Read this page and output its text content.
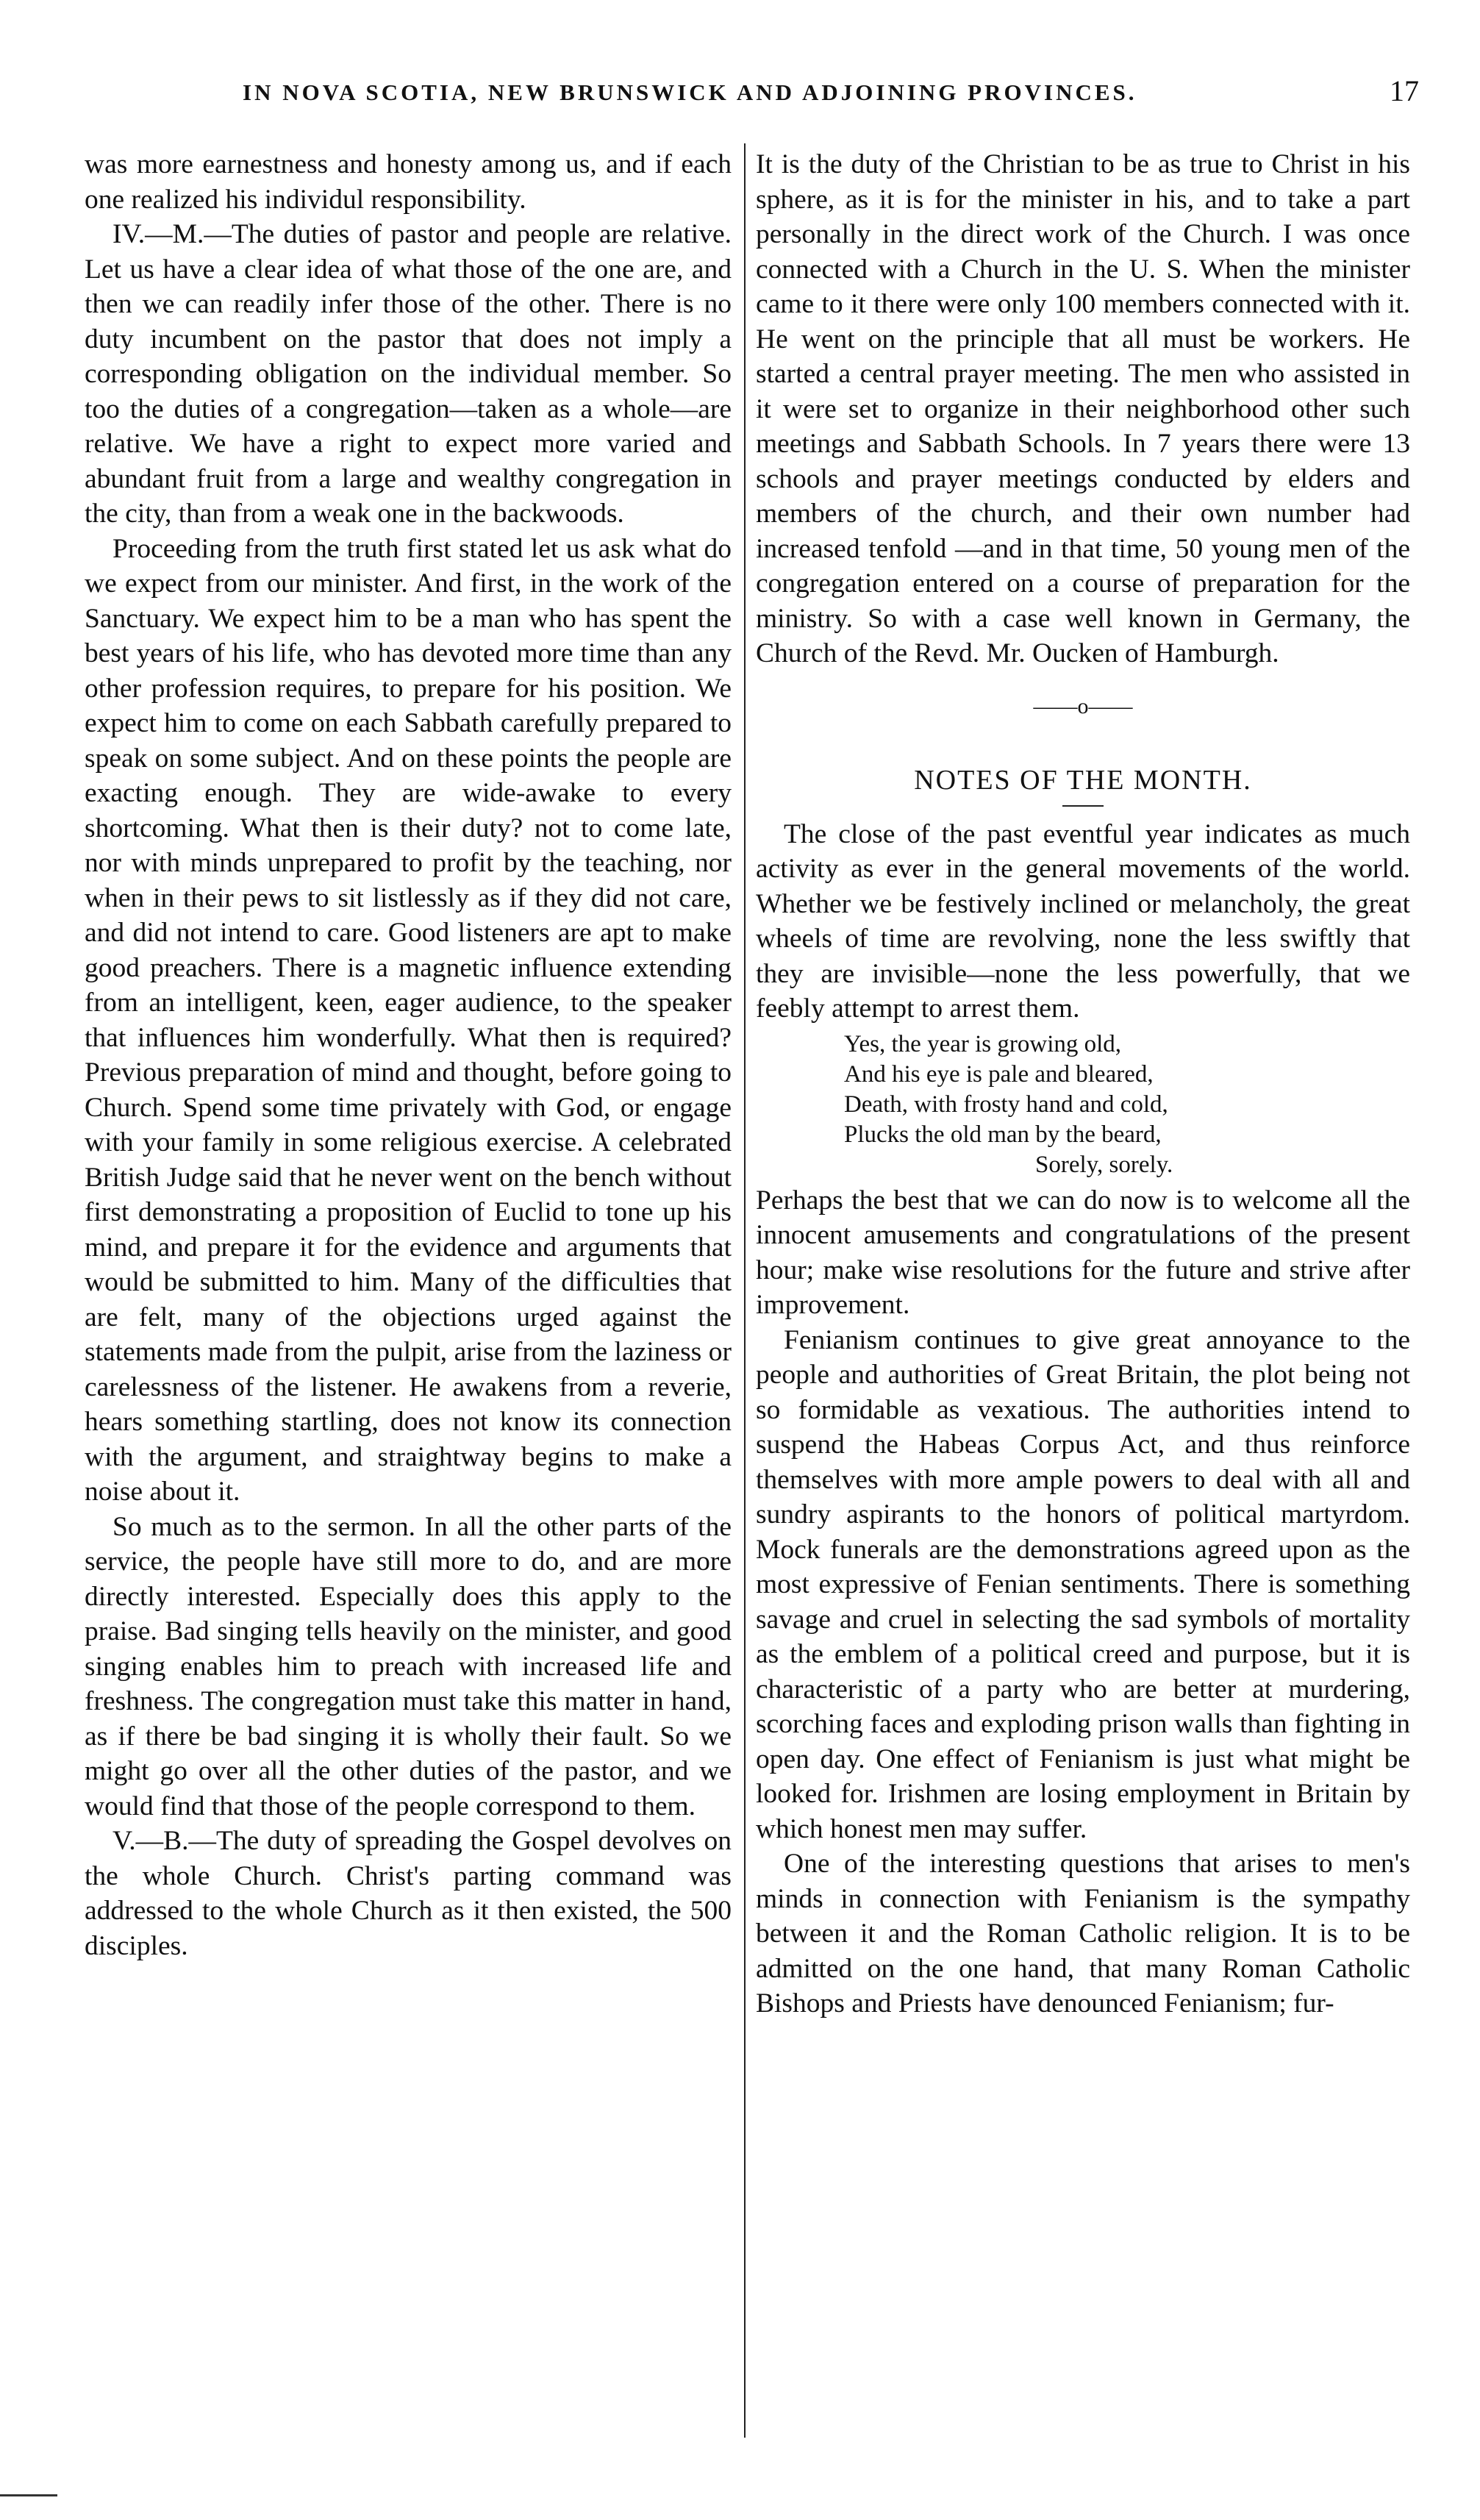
IN NOVA SCOTIA, NEW BRUNSWICK AND ADJOINING PROVINCES.	17

was more earnestness and honesty among us, and if each one realized his individul responsibility.

IV.—M.—The duties of pastor and people are relative. Let us have a clear idea of what those of the one are, and then we can readily infer those of the other. There is no duty incumbent on the pastor that does not imply a corresponding obligation on the individual member. So too the duties of a congregation—taken as a whole—are relative. We have a right to expect more varied and abundant fruit from a large and wealthy congregation in the city, than from a weak one in the backwoods.

Proceeding from the truth first stated let us ask what do we expect from our minister. And first, in the work of the Sanctuary. We expect him to be a man who has spent the best years of his life, who has devoted more time than any other profession requires, to prepare for his position. We expect him to come on each Sabbath carefully prepared to speak on some subject. And on these points the people are exacting enough. They are wide-awake to every shortcoming. What then is their duty? not to come late, nor with minds unprepared to profit by the teaching, nor when in their pews to sit listlessly as if they did not care, and did not intend to care. Good listeners are apt to make good preachers. There is a magnetic influence extending from an intelligent, keen, eager audience, to the speaker that influences him wonderfully. What then is required? Previous preparation of mind and thought, before going to Church. Spend some time privately with God, or engage with your family in some religious exercise. A celebrated British Judge said that he never went on the bench without first demonstrating a proposition of Euclid to tone up his mind, and prepare it for the evidence and arguments that would be submitted to him. Many of the difficulties that are felt, many of the objections urged against the statements made from the pulpit, arise from the laziness or carelessness of the listener. He awakens from a reverie, hears something startling, does not know its connection with the argument, and straightway begins to make a noise about it.

So much as to the sermon. In all the other parts of the service, the people have still more to do, and are more directly interested. Especially does this apply to the praise. Bad singing tells heavily on the minister, and good singing enables him to preach with increased life and freshness. The congregation must take this matter in hand, as if there be bad singing it is wholly their fault. So we might go over all the other duties of the pastor, and we would find that those of the people correspond to them.

V.—B.—The duty of spreading the Gospel devolves on the whole Church. Christ's parting command was addressed to the whole Church as it then existed, the 500 disciples.

It is the duty of the Christian to be as true to Christ in his sphere, as it is for the minister in his, and to take a part personally in the direct work of the Church. I was once connected with a Church in the U. S. When the minister came to it there were only 100 members connected with it. He went on the principle that all must be workers. He started a central prayer meeting. The men who assisted in it were set to organize in their neighborhood other such meetings and Sabbath Schools. In 7 years there were 13 schools and prayer meetings conducted by elders and members of the church, and their own number had increased tenfold —and in that time, 50 young men of the congregation entered on a course of preparation for the ministry. So with a case well known in Germany, the Church of the Revd. Mr. Oucken of Hamburgh.

——o——
NOTES OF THE MONTH.

The close of the past eventful year indicates as much activity as ever in the general movements of the world. Whether we be festively inclined or melancholy, the great wheels of time are revolving, none the less swiftly that they are invisible—none the less powerfully, that we feebly attempt to arrest them.

Yes, the year is growing old,
And his eye is pale and bleared,
Death, with frosty hand and cold,
Plucks the old man by the beard,
Sorely, sorely.

Perhaps the best that we can do now is to welcome all the innocent amusements and congratulations of the present hour; make wise resolutions for the future and strive after improvement.

Fenianism continues to give great annoyance to the people and authorities of Great Britain, the plot being not so formidable as vexatious. The authorities intend to suspend the Habeas Corpus Act, and thus reinforce themselves with more ample powers to deal with all and sundry aspirants to the honors of political martyrdom. Mock funerals are the demonstrations agreed upon as the most expressive of Fenian sentiments. There is something savage and cruel in selecting the sad symbols of mortality as the emblem of a political creed and purpose, but it is characteristic of a party who are better at murdering, scorching faces and exploding prison walls than fighting in open day. One effect of Fenianism is just what might be looked for. Irishmen are losing employment in Britain by which honest men may suffer.

One of the interesting questions that arises to men's minds in connection with Fenianism is the sympathy between it and the Roman Catholic religion. It is to be admitted on the one hand, that many Roman Catholic Bishops and Priests have denounced Fenianism; fur-
